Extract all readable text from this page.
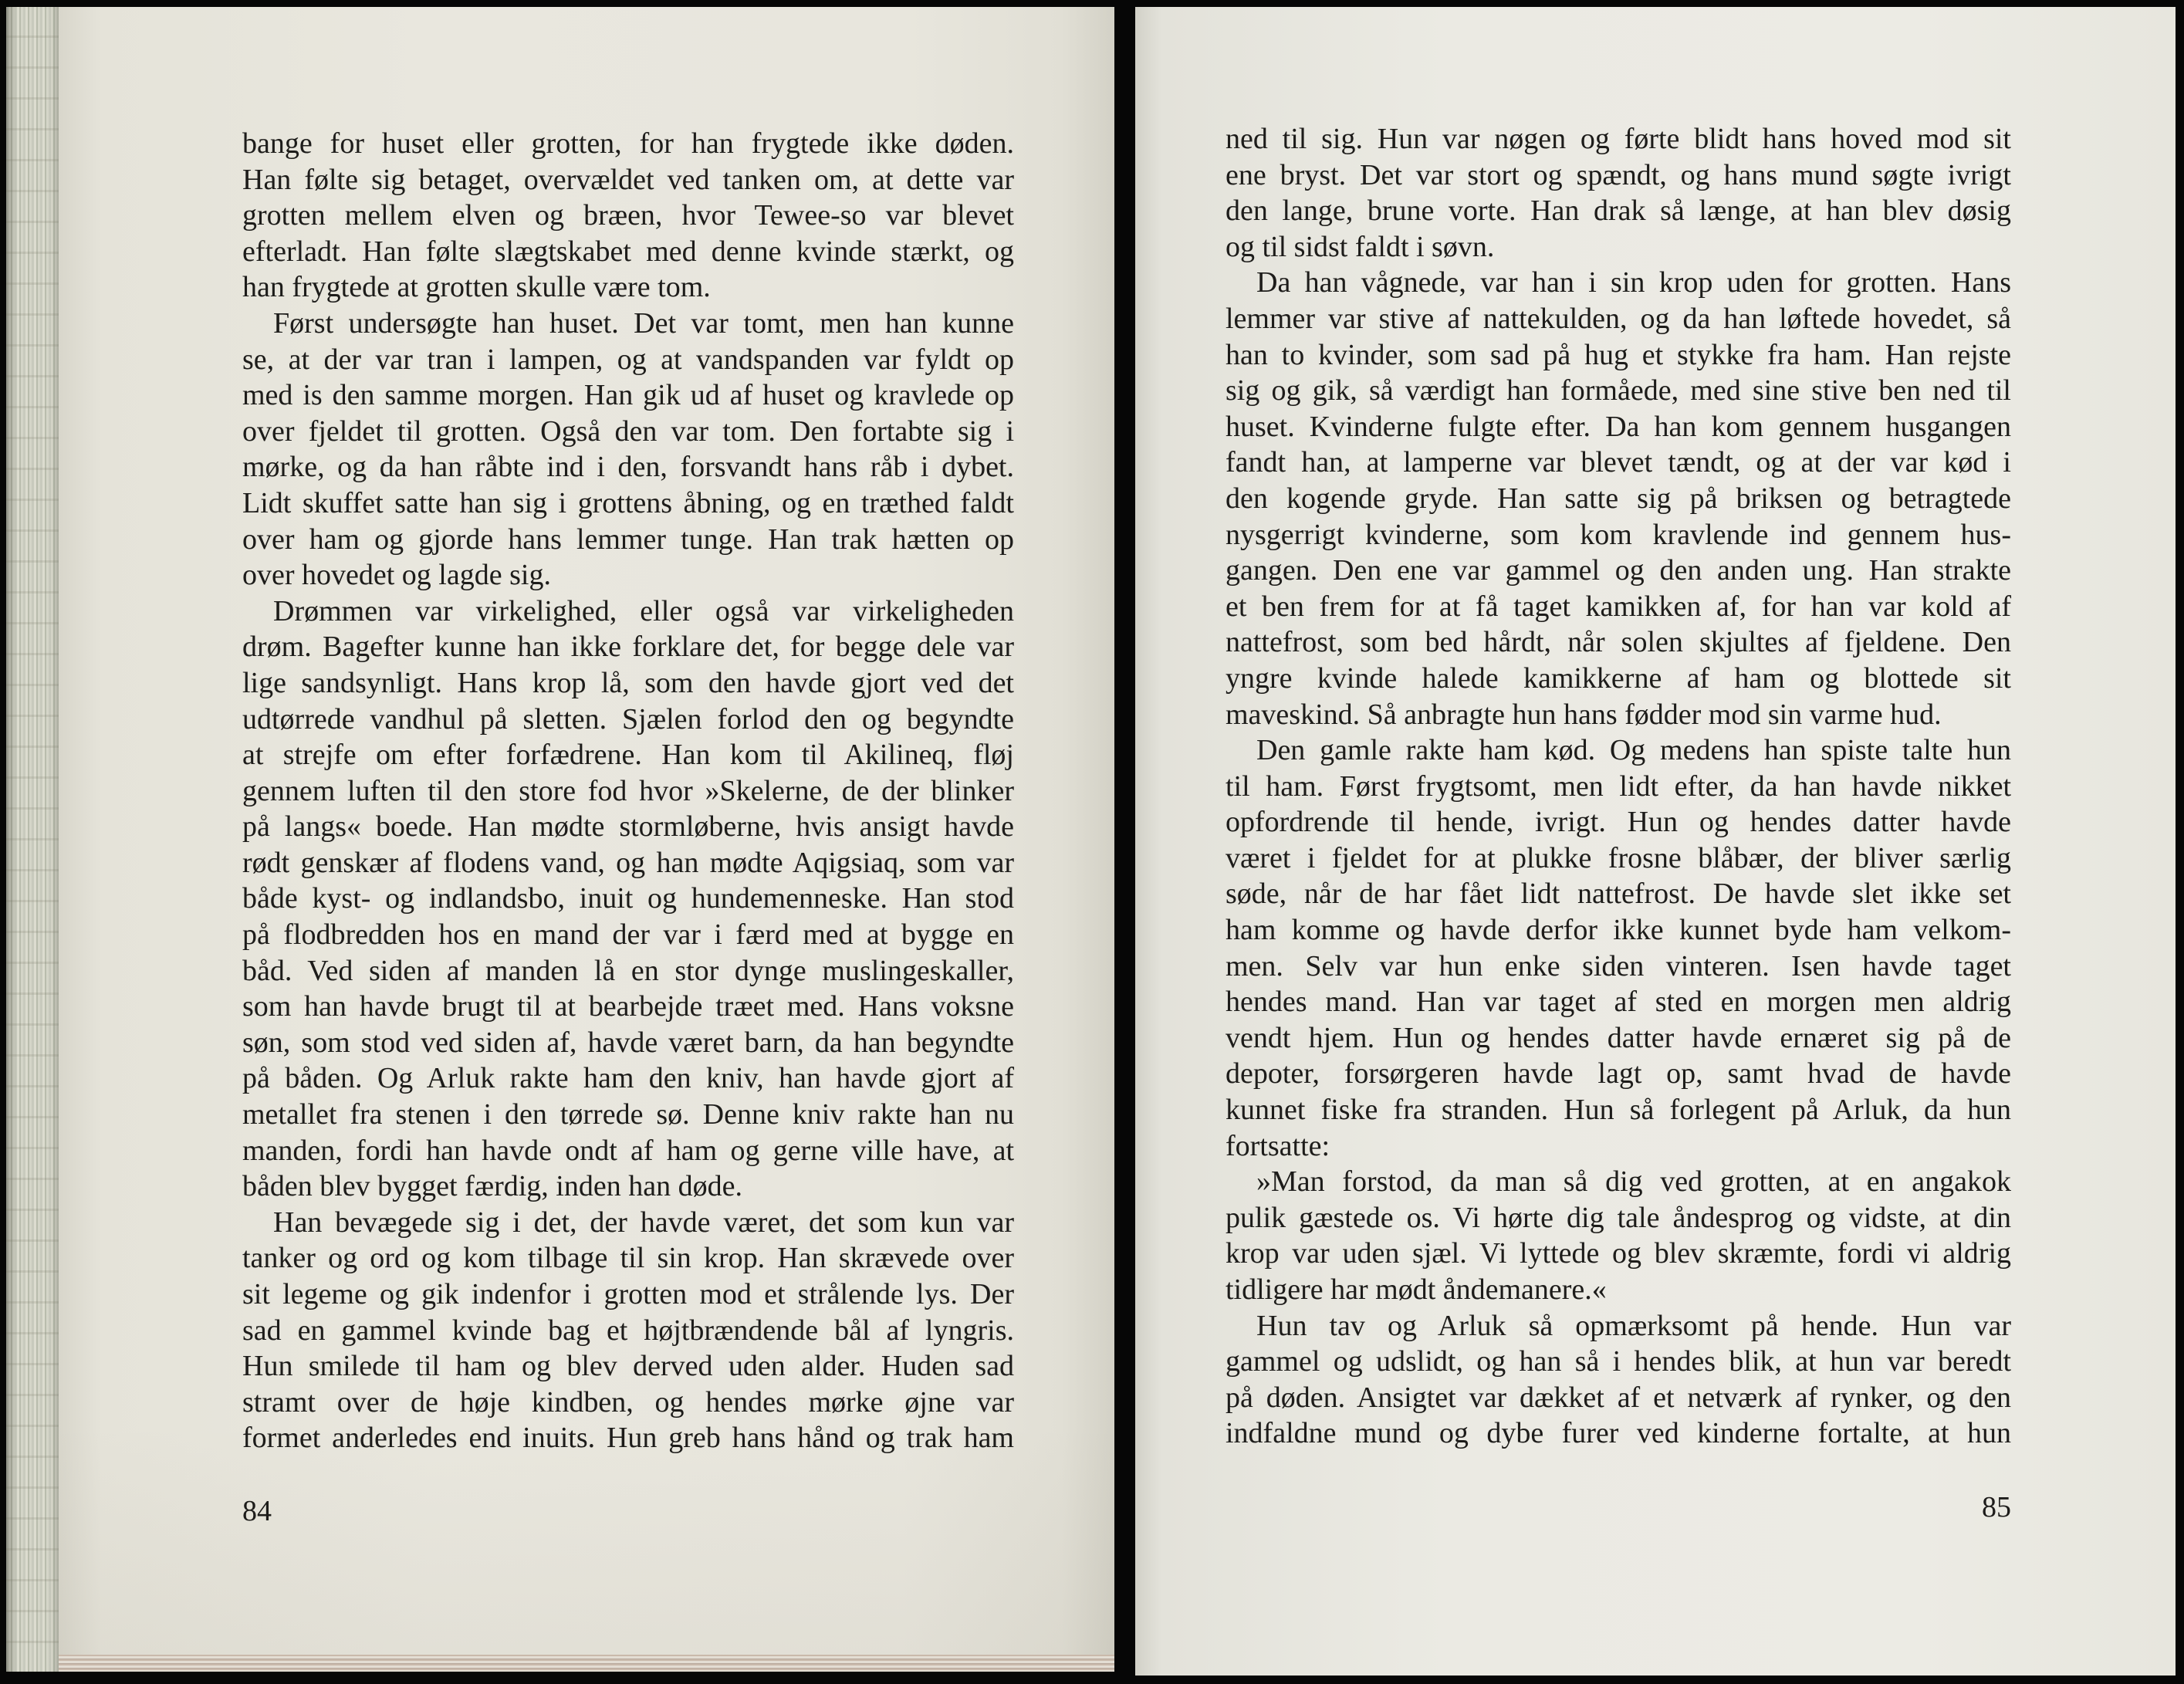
bange for huset eller grotten, for han frygtede ikke døden.
Han følte sig betaget, overvældet ved tanken om, at dette var
grotten mellem elven og bræen, hvor Tewee-so var blevet
efterladt. Han følte slægtskabet med denne kvinde stærkt, og
han frygtede at grotten skulle være tom.
Først undersøgte han huset. Det var tomt, men han kunne
se, at der var tran i lampen, og at vandspanden var fyldt op
med is den samme morgen. Han gik ud af huset og kravlede op
over fjeldet til grotten. Også den var tom. Den fortabte sig i
mørke, og da han råbte ind i den, forsvandt hans råb i dybet.
Lidt skuffet satte han sig i grottens åbning, og en træthed faldt
over ham og gjorde hans lemmer tunge. Han trak hætten op
over hovedet og lagde sig.
Drømmen var virkelighed, eller også var virkeligheden
drøm. Bagefter kunne han ikke forklare det, for begge dele var
lige sandsynligt. Hans krop lå, som den havde gjort ved det
udtørrede vandhul på sletten. Sjælen forlod den og begyndte
at strejfe om efter forfædrene. Han kom til Akilineq, fløj
gennem luften til den store fod hvor »Skelerne, de der blinker
på langs« boede. Han mødte stormløberne, hvis ansigt havde
rødt genskær af flodens vand, og han mødte Aqigsiaq, som var
både kyst- og indlandsbo, inuit og hundemenneske. Han stod
på flodbredden hos en mand der var i færd med at bygge en
båd. Ved siden af manden lå en stor dynge muslingeskaller,
som han havde brugt til at bearbejde træet med. Hans voksne
søn, som stod ved siden af, havde været barn, da han begyndte
på båden. Og Arluk rakte ham den kniv, han havde gjort af
metallet fra stenen i den tørrede sø. Denne kniv rakte han nu
manden, fordi han havde ondt af ham og gerne ville have, at
båden blev bygget færdig, inden han døde.
Han bevægede sig i det, der havde været, det som kun var
tanker og ord og kom tilbage til sin krop. Han skrævede over
sit legeme og gik indenfor i grotten mod et strålende lys. Der
sad en gammel kvinde bag et højtbrændende bål af lyngris.
Hun smilede til ham og blev derved uden alder. Huden sad
stramt over de høje kindben, og hendes mørke øjne var
formet anderledes end inuits. Hun greb hans hånd og trak ham
84
ned til sig. Hun var nøgen og førte blidt hans hoved mod sit
ene bryst. Det var stort og spændt, og hans mund søgte ivrigt
den lange, brune vorte. Han drak så længe, at han blev døsig
og til sidst faldt i søvn.
Da han vågnede, var han i sin krop uden for grotten. Hans
lemmer var stive af nattekulden, og da han løftede hovedet, så
han to kvinder, som sad på hug et stykke fra ham. Han rejste
sig og gik, så værdigt han formåede, med sine stive ben ned til
huset. Kvinderne fulgte efter. Da han kom gennem husgangen
fandt han, at lamperne var blevet tændt, og at der var kød i
den kogende gryde. Han satte sig på briksen og betragtede
nysgerrigt kvinderne, som kom kravlende ind gennem hus-
gangen. Den ene var gammel og den anden ung. Han strakte
et ben frem for at få taget kamikken af, for han var kold af
nattefrost, som bed hårdt, når solen skjultes af fjeldene. Den
yngre kvinde halede kamikkerne af ham og blottede sit
maveskind. Så anbragte hun hans fødder mod sin varme hud.
Den gamle rakte ham kød. Og medens han spiste talte hun
til ham. Først frygtsomt, men lidt efter, da han havde nikket
opfordrende til hende, ivrigt. Hun og hendes datter havde
været i fjeldet for at plukke frosne blåbær, der bliver særlig
søde, når de har fået lidt nattefrost. De havde slet ikke set
ham komme og havde derfor ikke kunnet byde ham velkom-
men. Selv var hun enke siden vinteren. Isen havde taget
hendes mand. Han var taget af sted en morgen men aldrig
vendt hjem. Hun og hendes datter havde ernæret sig på de
depoter, forsørgeren havde lagt op, samt hvad de havde
kunnet fiske fra stranden. Hun så forlegent på Arluk, da hun
fortsatte:
»Man forstod, da man så dig ved grotten, at en angakok
pulik gæstede os. Vi hørte dig tale åndesprog og vidste, at din
krop var uden sjæl. Vi lyttede og blev skræmte, fordi vi aldrig
tidligere har mødt åndemanere.«
Hun tav og Arluk så opmærksomt på hende. Hun var
gammel og udslidt, og han så i hendes blik, at hun var beredt
på døden. Ansigtet var dækket af et netværk af rynker, og den
indfaldne mund og dybe furer ved kinderne fortalte, at hun
85
